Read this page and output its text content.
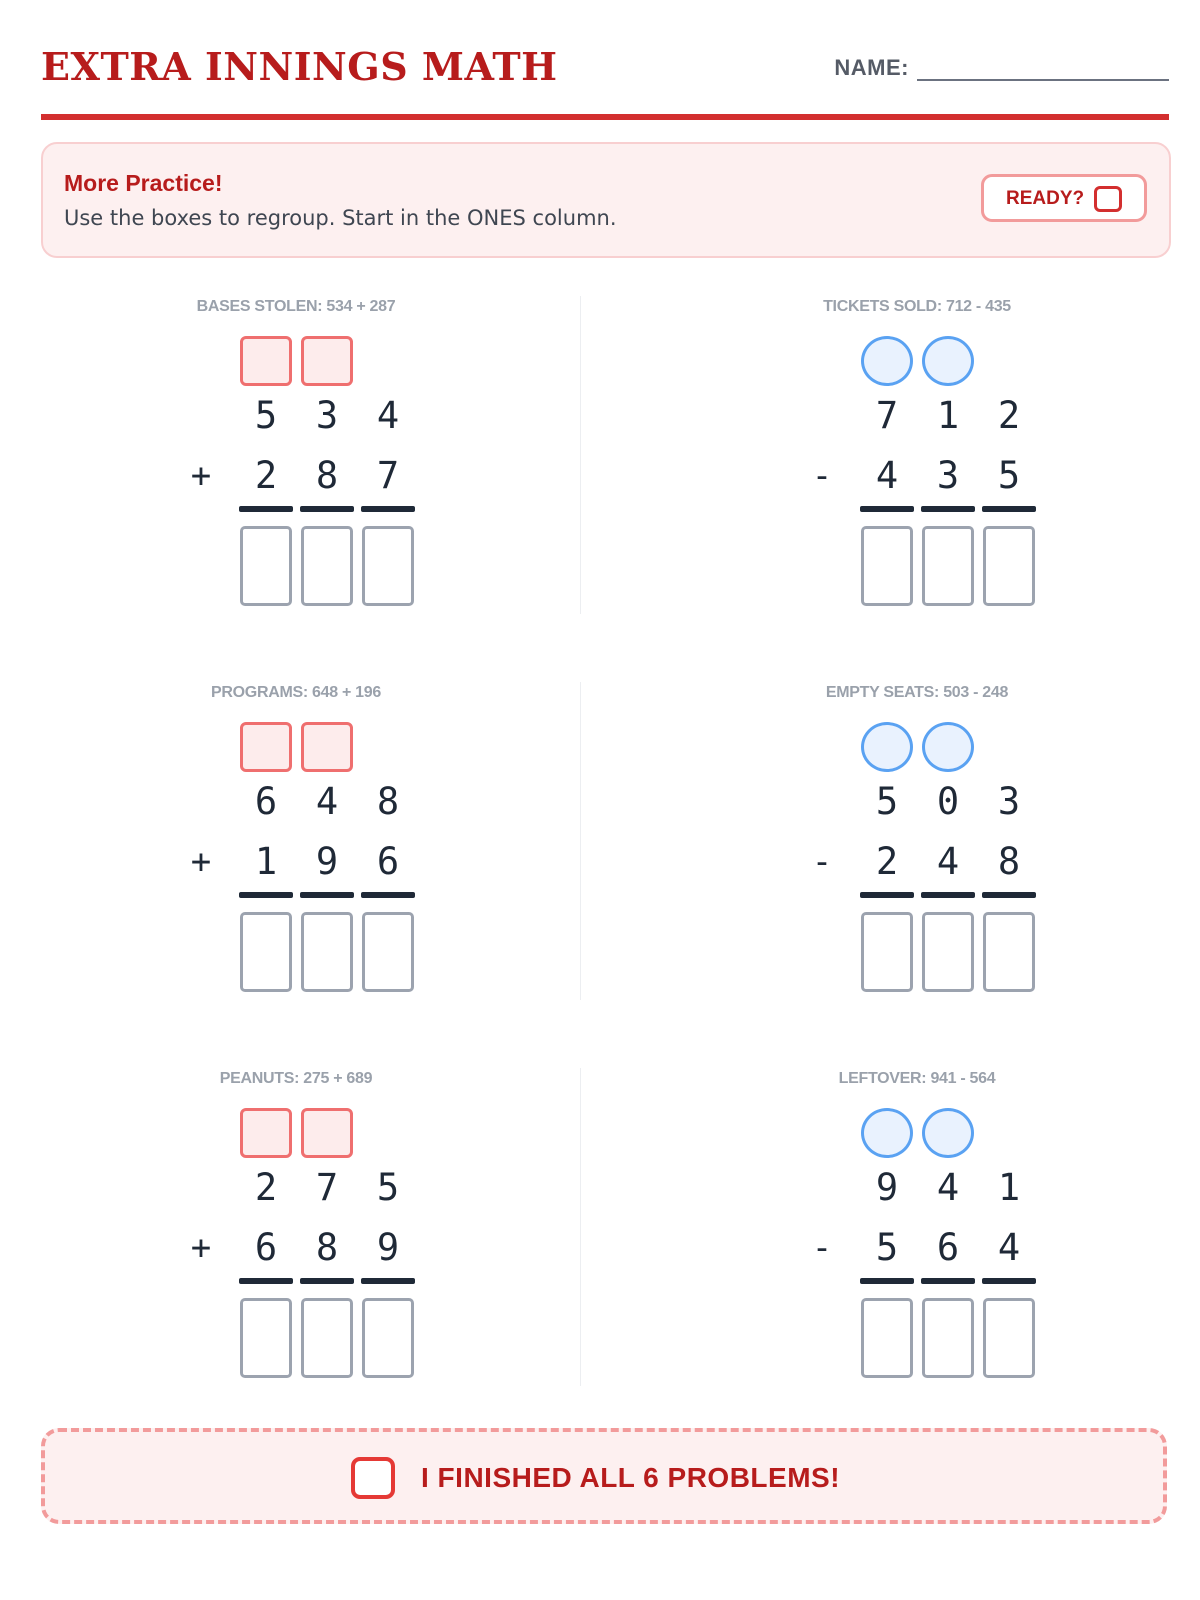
EXTRA INNINGS MATH	NAME:
More Practice!
Use the boxes to regroup. Start in the ONES column.
READY?
BASES STOLEN: 534 + 287
5	3	4
+	2	8	7
TICKETS SOLD: 712 - 435
7	1	2
-	4	3	5
PROGRAMS: 648 + 196
6	4	8
+	1	9	6
EMPTY SEATS: 503 - 248
5	0	3
-	2	4	8
PEANUTS: 275 + 689
2	7	5
+	6	8	9
LEFTOVER: 941 - 564
9	4	1
-	5	6	4
I FINISHED ALL 6 PROBLEMS!
